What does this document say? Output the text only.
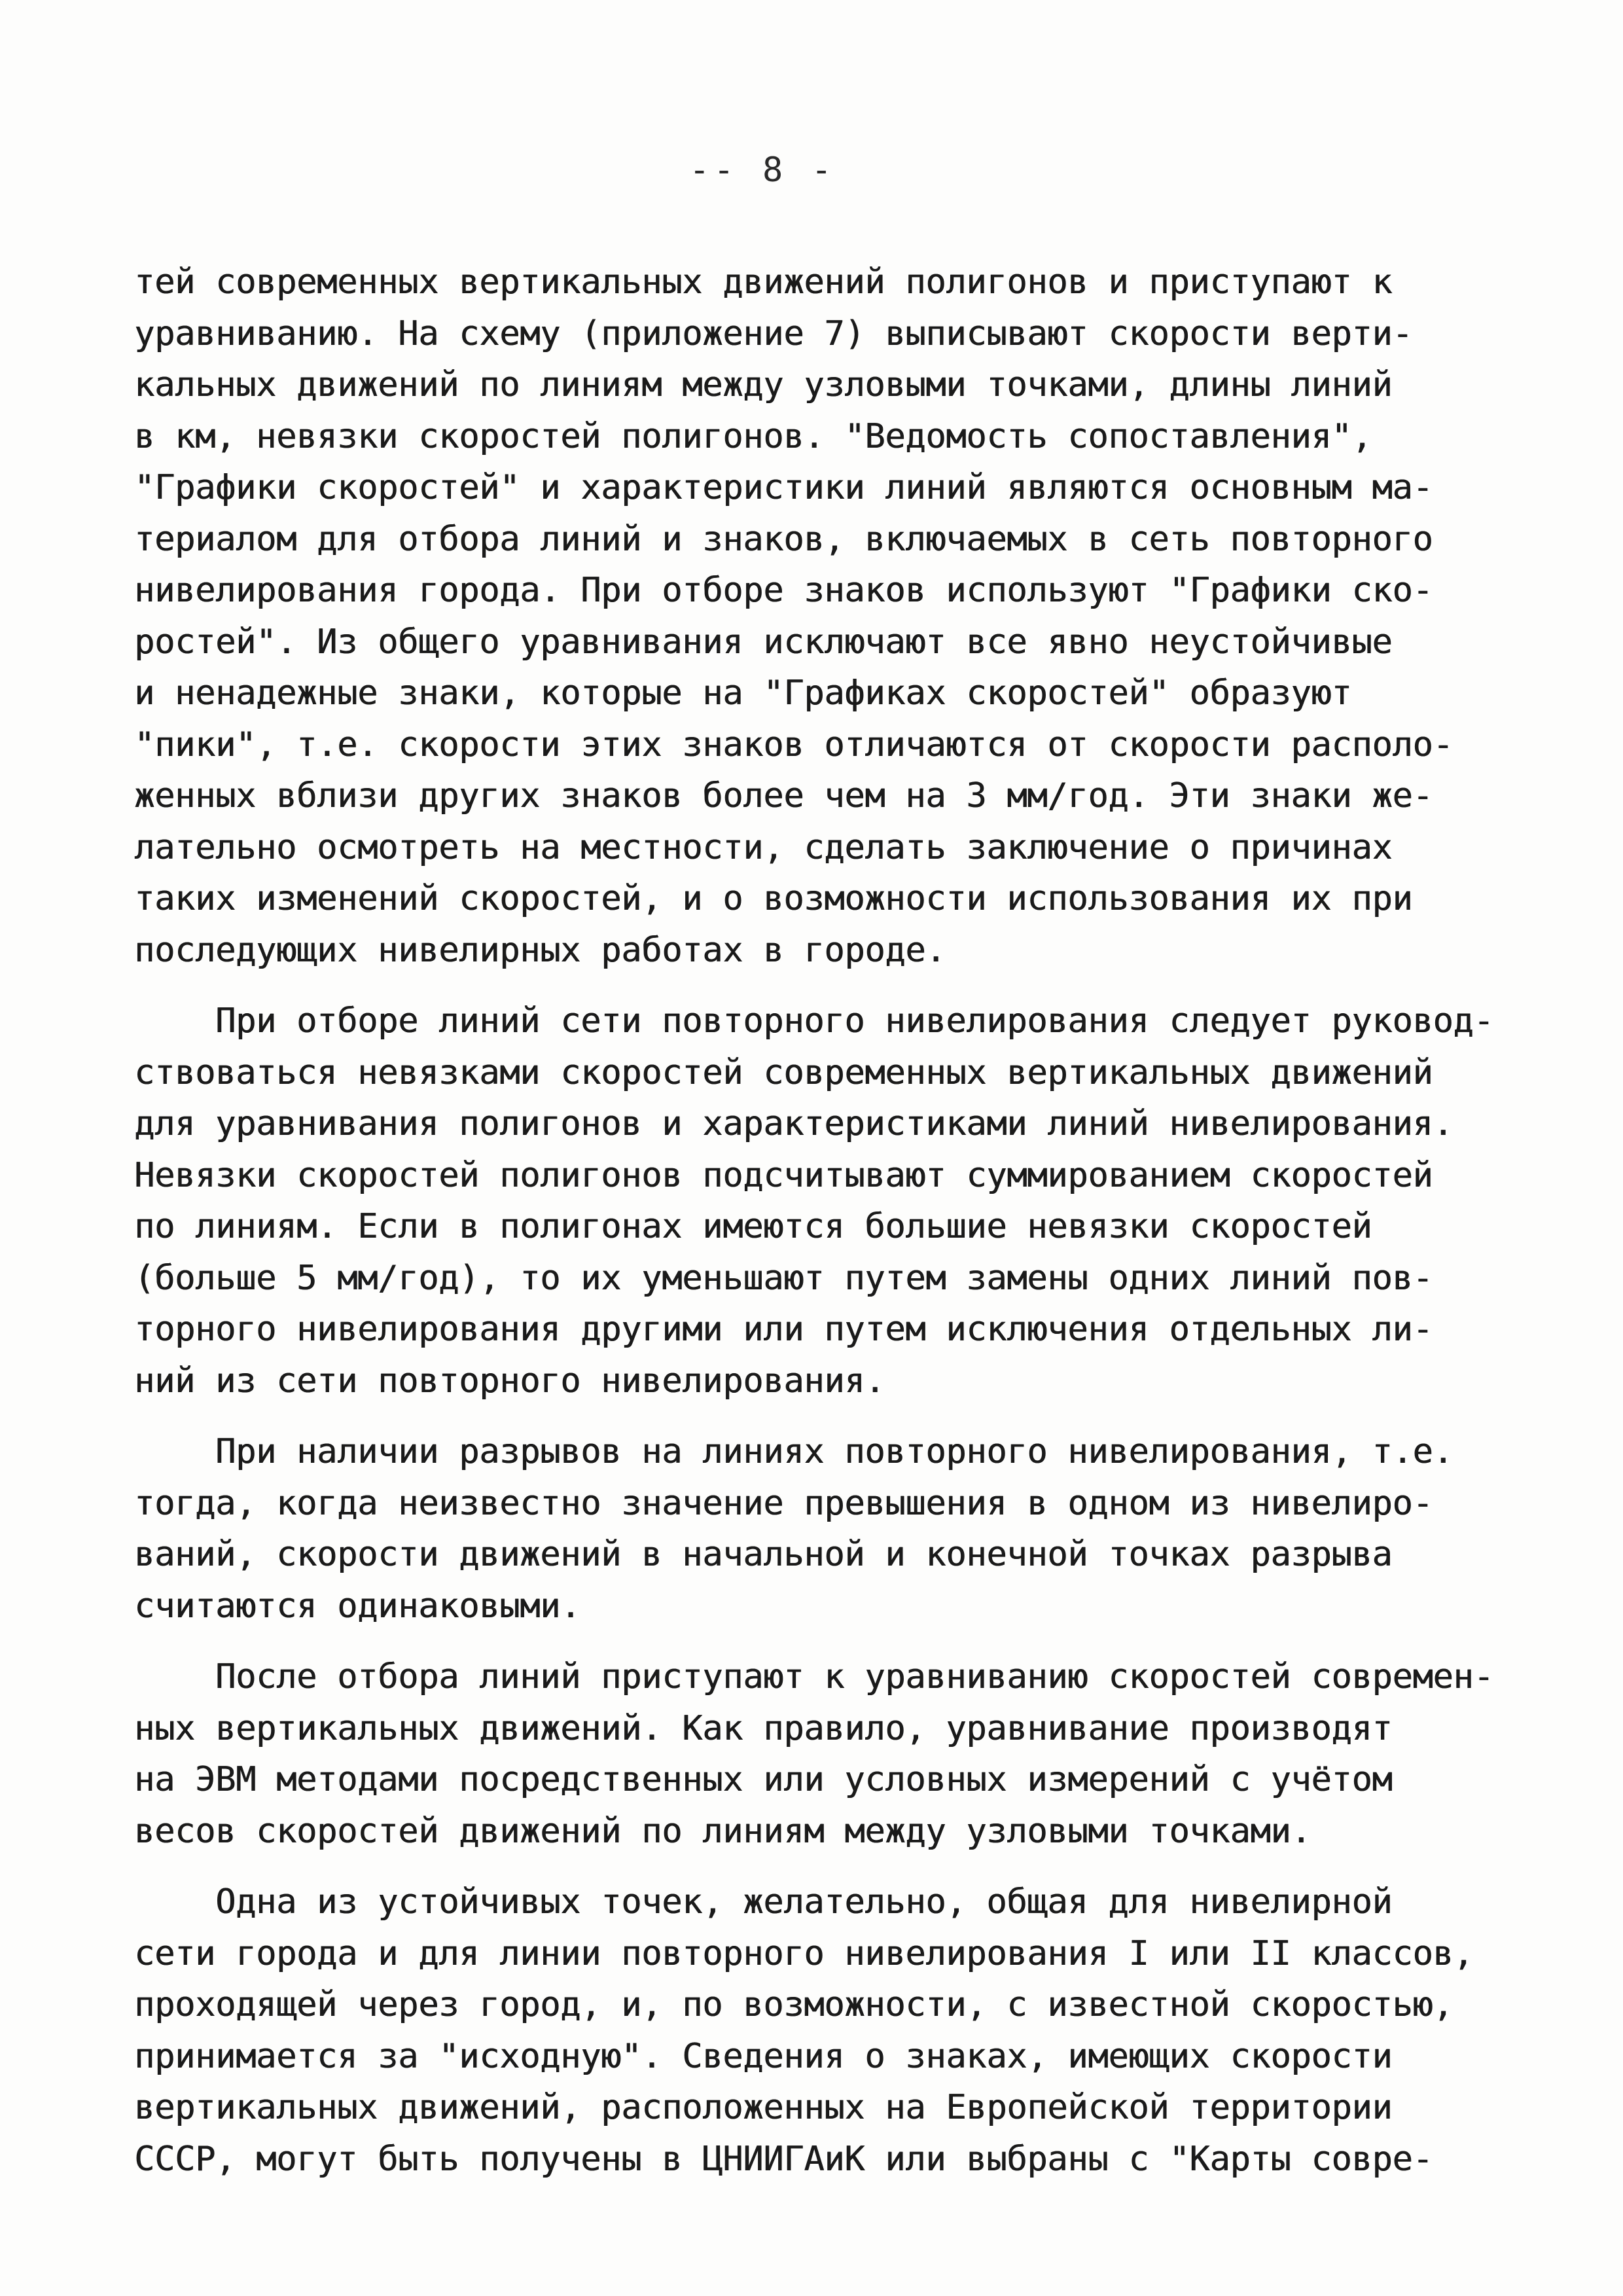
-- 8 -
тей современных вертикальных движений полигонов и приступают к
уравниванию. На схему (приложение 7) выписывают скорости верти-
кальных движений по линиям между узловыми точками, длины линий
в км, невязки скоростей полигонов. "Ведомость сопоставления",
"Графики скоростей" и характеристики линий являются основным ма-
териалом для отбора линий и знаков, включаемых в сеть повторного
нивелирования города. При отборе знаков используют "Графики ско-
ростей". Из общего уравнивания исключают все явно неустойчивые
и ненадежные знаки, которые на "Графиках скоростей" образуют
"пики", т.е. скорости этих знаков отличаются от скорости располо-
женных вблизи других знаков более чем на 3 мм/год. Эти знаки же-
лательно осмотреть на местности, сделать заключение о причинах
таких изменений скоростей, и о возможности использования их при
последующих нивелирных работах в городе.
При отборе линий сети повторного нивелирования следует руковод-
ствоваться невязками скоростей современных вертикальных движений
для уравнивания полигонов и характеристиками линий нивелирования.
Невязки скоростей полигонов подсчитывают суммированием скоростей
по линиям. Если в полигонах имеются большие невязки скоростей
(больше 5 мм/год), то их уменьшают путем замены одних линий пов-
торного нивелирования другими или путем исключения отдельных ли-
ний из сети повторного нивелирования.
При наличии разрывов на линиях повторного нивелирования, т.е.
тогда, когда неизвестно значение превышения в одном из нивелиро-
ваний, скорости движений в начальной и конечной точках разрыва
считаются одинаковыми.
После отбора линий приступают к уравниванию скоростей современ-
ных вертикальных движений. Как правило, уравнивание производят
на ЭВМ методами посредственных или условных измерений с учётом
весов скоростей движений по линиям между узловыми точками.
Одна из устойчивых точек, желательно, общая для нивелирной
сети города и для линии повторного нивелирования I или II классов,
проходящей через город, и, по возможности, с известной скоростью,
принимается за "исходную". Сведения о знаках, имеющих скорости
вертикальных движений, расположенных на Европейской территории
СССР, могут быть получены в ЦНИИГАиК или выбраны с "Карты совре-
